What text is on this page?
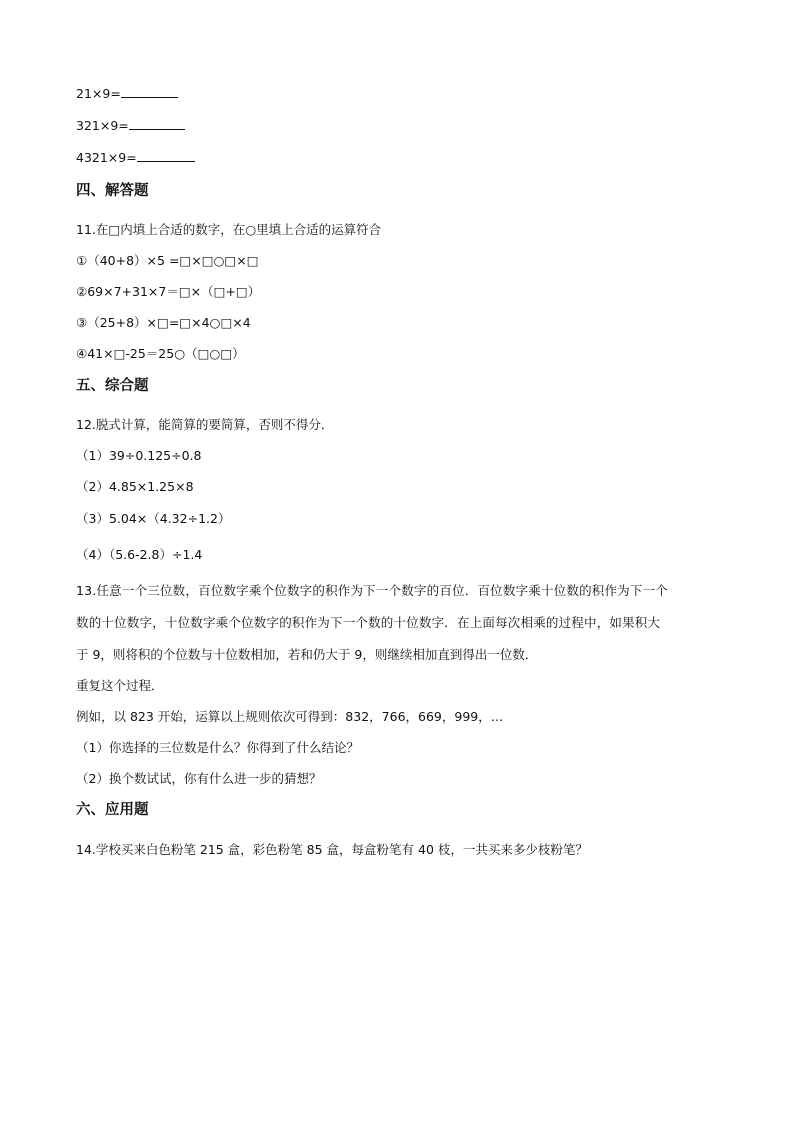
21×9=
321×9=
4321×9=
四、解答题
11.在□内填上合适的数字，在○里填上合适的运算符合
①（40+8）×5 =□×□○□×□
②69×7+31×7＝□×（□+□）
③（25+8）×□=□×4○□×4
④41×□-25＝25○（□○□）
五、综合题
12.脱式计算，能简算的要简算，否则不得分．
（1）39÷0.125÷0.8
（2）4.85×1.25×8
（3）5.04×（4.32÷1.2）
（4）（5.6-2.8）÷1.4
13.任意一个三位数，百位数字乘个位数字的积作为下一个数字的百位．百位数字乘十位数的积作为下一个
数的十位数字，十位数字乘个位数字的积作为下一个数的十位数字．在上面每次相乘的过程中，如果积大
于 9，则将积的个位数与十位数相加，若和仍大于 9，则继续相加直到得出一位数．
重复这个过程．
例如，以 823 开始，运算以上规则依次可得到：832，766，669，999，…
（1）你选择的三位数是什么？你得到了什么结论？
（2）换个数试试，你有什么进一步的猜想？
六、应用题
14.学校买来白色粉笔 215 盒，彩色粉笔 85 盒，每盒粉笔有 40 枝，一共买来多少枝粉笔？
